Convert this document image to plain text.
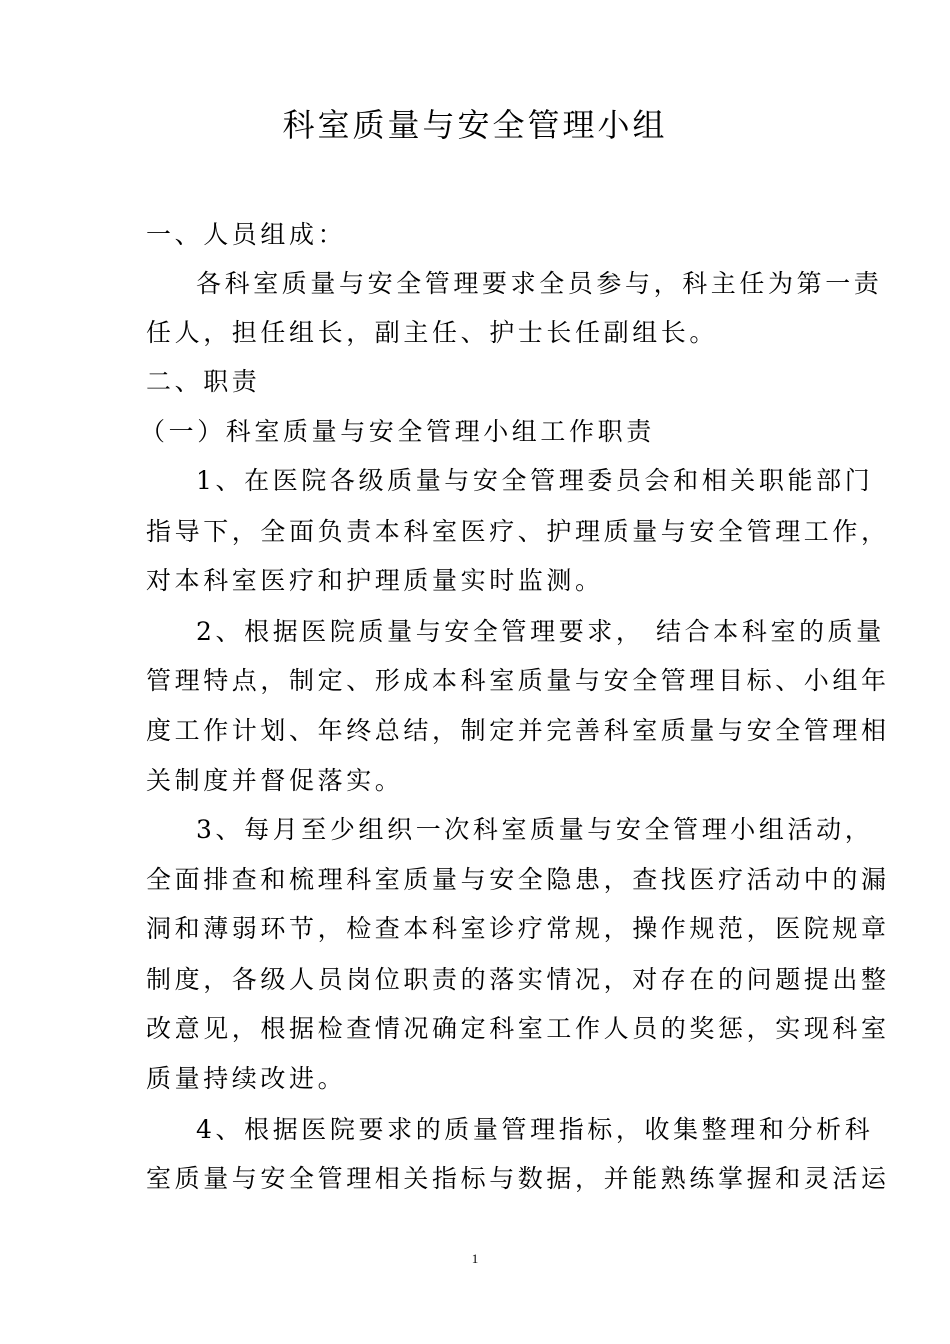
科室质量与安全管理小组
一、人员组成：
各科室质量与安全管理要求全员参与，科主任为第一责
任人，担任组长，副主任、护士长任副组长。
二、职责
（一）科室质量与安全管理小组工作职责
1、在医院各级质量与安全管理委员会和相关职能部门
指导下，全面负责本科室医疗、护理质量与安全管理工作，
对本科室医疗和护理质量实时监测。
2、根据医院质量与安全管理要求， 结合本科室的质量
管理特点，制定、形成本科室质量与安全管理目标、小组年
度工作计划、年终总结，制定并完善科室质量与安全管理相
关制度并督促落实。
3、每月至少组织一次科室质量与安全管理小组活动，
全面排查和梳理科室质量与安全隐患，查找医疗活动中的漏
洞和薄弱环节，检查本科室诊疗常规，操作规范，医院规章
制度，各级人员岗位职责的落实情况，对存在的问题提出整
改意见，根据检查情况确定科室工作人员的奖惩，实现科室
质量持续改进。
4、根据医院要求的质量管理指标，收集整理和分析科
室质量与安全管理相关指标与数据，并能熟练掌握和灵活运
1
